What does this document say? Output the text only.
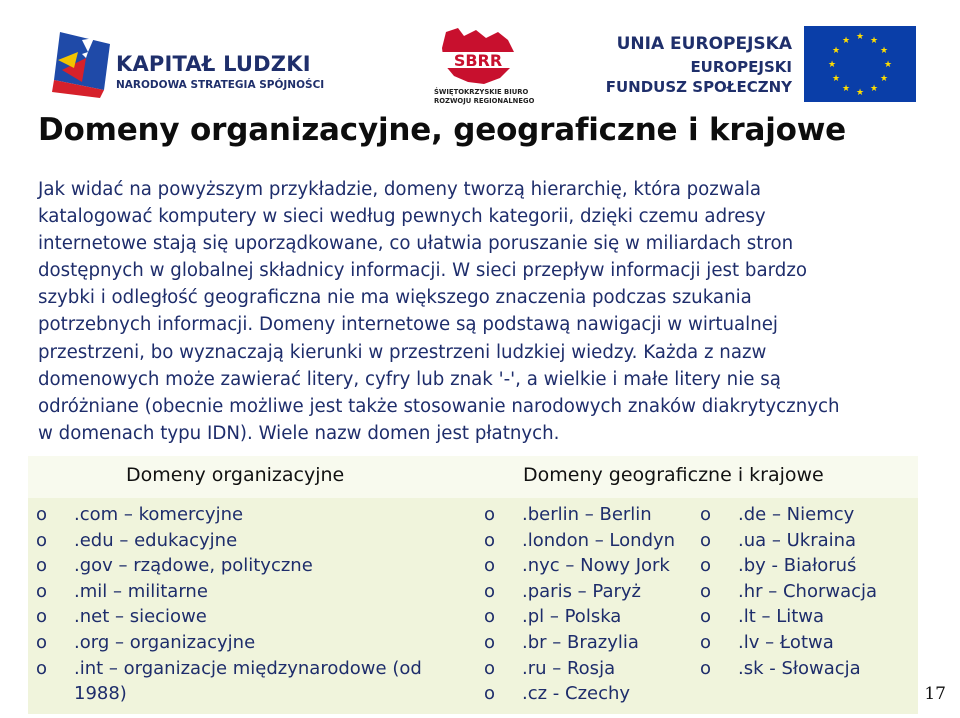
KAPITAŁ LUDZKI
NARODOWA STRATEGIA SPÓJNOŚCI
SBRR
ŚWIĘTOKRZYSKIE BIURO
ROZWOJU REGIONALNEGO
UNIA EUROPEJSKA
EUROPEJSKI
FUNDUSZ SPOŁECZNY
★ ★
★
★
★
★
★
★
★
★
★
★
Domeny organizacyjne, geograficzne i krajowe
Jak widać na powyższym przykładzie, domeny tworzą hierarchię, która pozwala
katalogować komputery w sieci według pewnych kategorii, dzięki czemu adresy
internetowe stają się uporządkowane, co ułatwia poruszanie się w miliardach stron
dostępnych w globalnej składnicy informacji. W sieci przepływ informacji jest bardzo
szybki i odległość geograficzna nie ma większego znaczenia podczas szukania
potrzebnych informacji. Domeny internetowe są podstawą nawigacji w wirtualnej
przestrzeni, bo wyznaczają kierunki w przestrzeni ludzkiej wiedzy. Każda z nazw
domenowych może zawierać litery, cyfry lub znak '-', a wielkie i małe litery nie są
odróżniane (obecnie możliwe jest także stosowanie narodowych znaków diakrytycznych
w domenach typu IDN). Wiele nazw domen jest płatnych.
Domeny organizacyjne	Domeny geograficzne i krajowe
o .com – komercyjne
o .edu – edukacyjne
o .gov – rządowe, polityczne
o .mil – militarne
o .net – sieciowe
o .org – organizacyjne
o .int – organizacje międzynarodowe (od 1988)
o .berlin – Berlin
o .london – Londyn
o .nyc – Nowy Jork
o .paris – Paryż
o .pl – Polska
o .br – Brazylia
o .ru – Rosja
o .cz - Czechy
o .de – Niemcy
o .ua – Ukraina
o .by - Białoruś
o .hr – Chorwacja
o .lt – Litwa
o .lv – Łotwa
o .sk - Słowacja
17
